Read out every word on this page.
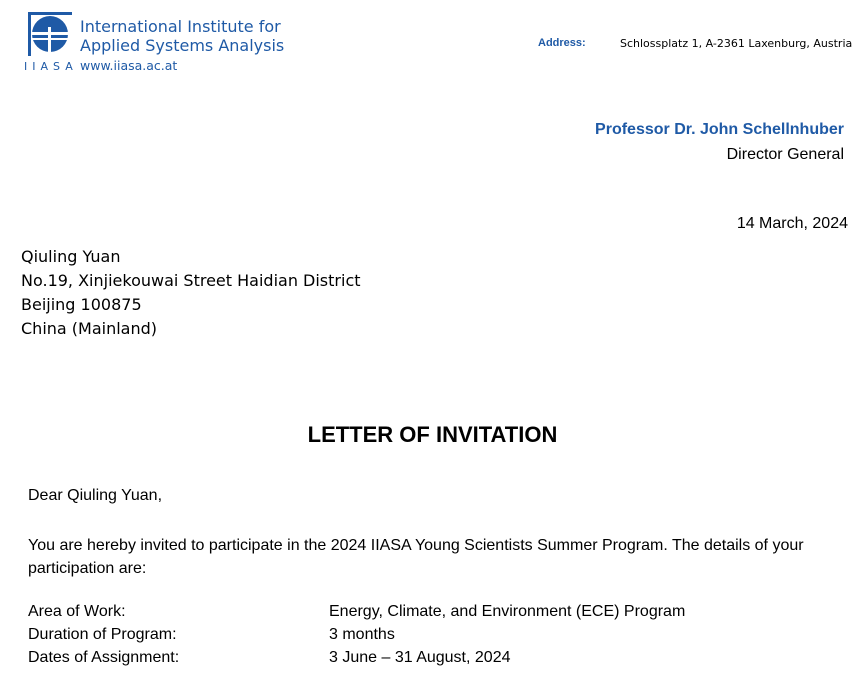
International Institute for
Applied Systems Analysis
IIASA www.iiasa.ac.at
Address:	Schlossplatz 1, A-2361 Laxenburg, Austria
Professor Dr. John Schellnhuber
Director General
14 March, 2024
Qiuling Yuan
No.19, Xinjiekouwai Street Haidian District
Beijing 100875
China (Mainland)
LETTER OF INVITATION
Dear Qiuling Yuan,
You are hereby invited to participate in the 2024 IIASA Young Scientists Summer Program. The details of your participation are:
Area of Work:	Energy, Climate, and Environment (ECE) Program
Duration of Program:	3 months
Dates of Assignment:	3 June – 31 August, 2024
